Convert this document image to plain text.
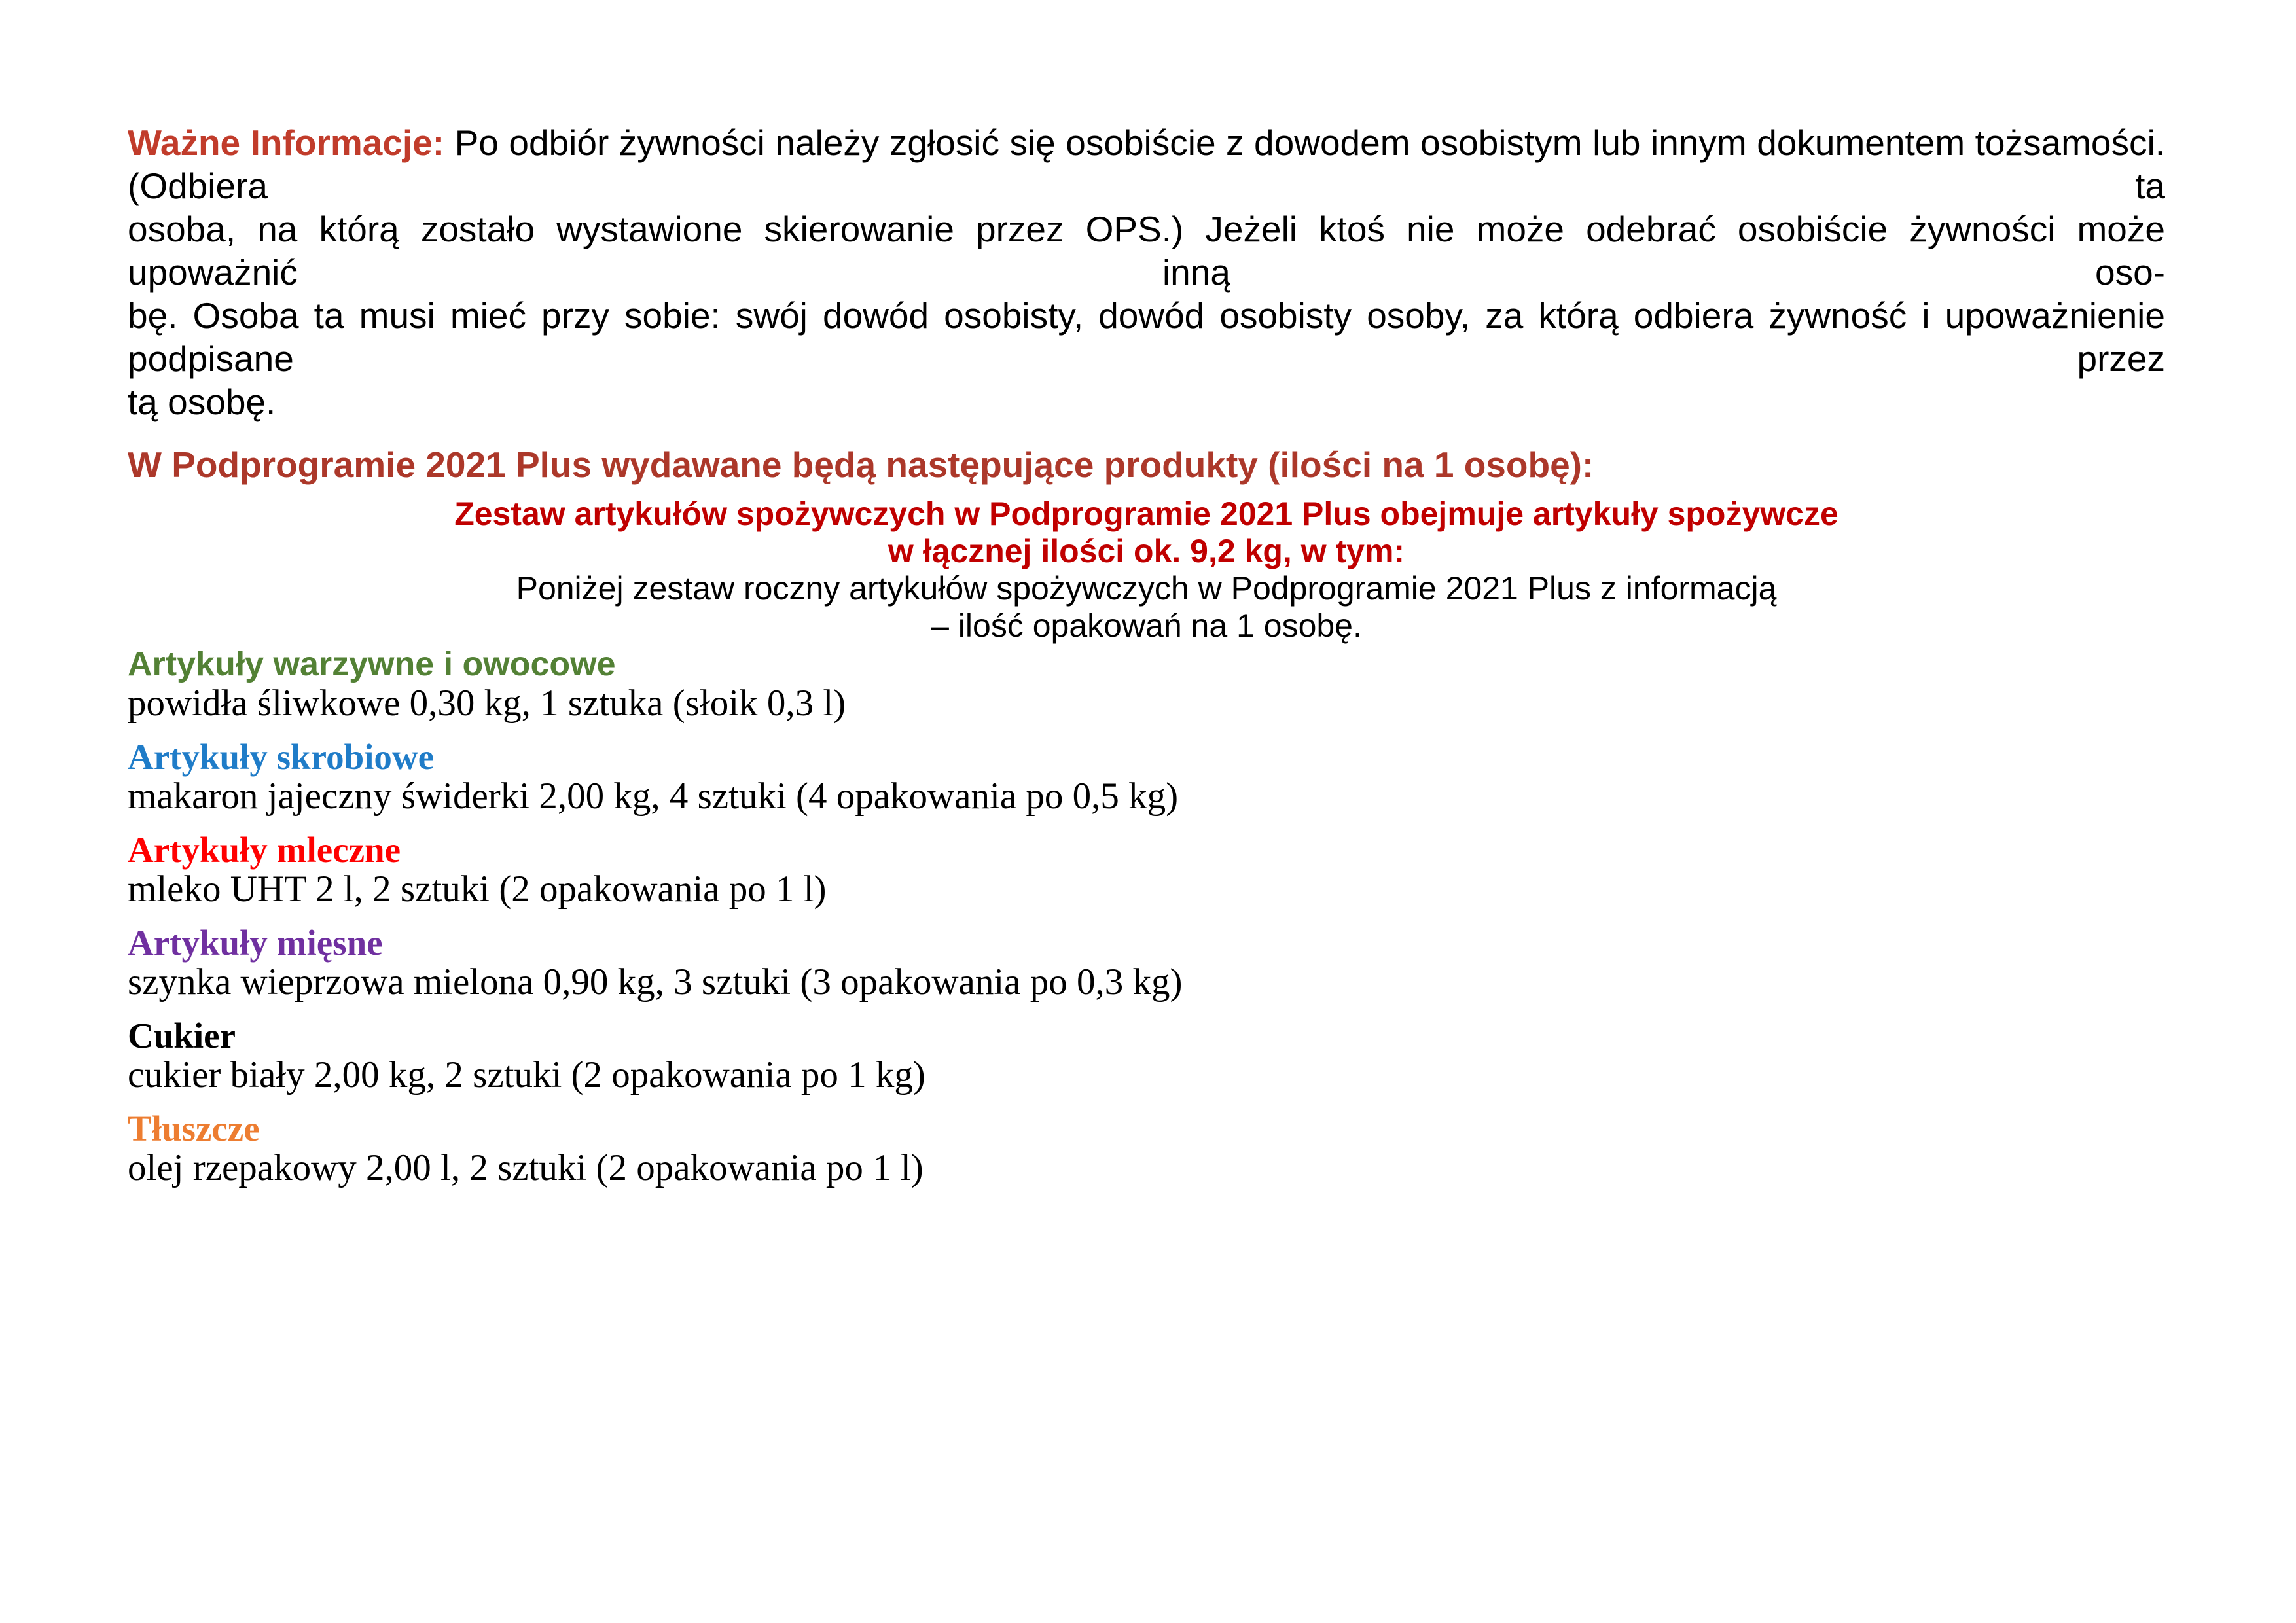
Ważne Informacje: Po odbiór żywności należy zgłosić się osobiście z dowodem osobistym lub innym dokumentem tożsamości. (Odbiera ta
osoba, na którą zostało wystawione skierowanie przez OPS.) Jeżeli ktoś nie może odebrać osobiście żywności może upoważnić inną oso-
bę. Osoba ta musi mieć przy sobie: swój dowód osobisty, dowód osobisty osoby, za którą odbiera żywność i upoważnienie podpisane przez
tą osobę.

W Podprogramie 2021 Plus wydawane będą następujące produkty (ilości na 1 osobę):
Zestaw artykułów spożywczych w Podprogramie 2021 Plus obejmuje artykuły spożywcze
w łącznej ilości ok. 9,2 kg, w tym:
Poniżej zestaw roczny artykułów spożywczych w Podprogramie 2021 Plus z informacją
– ilość opakowań na 1 osobę.
Artykuły warzywne i owocowe

powidła śliwkowe 0,30 kg, 1 sztuka (słoik 0,3 l)

Artykuły skrobiowe

makaron jajeczny świderki 2,00 kg, 4 sztuki (4 opakowania po 0,5 kg)

Artykuły mleczne

mleko UHT 2 l, 2 sztuki (2 opakowania po 1 l)

Artykuły mięsne

szynka wieprzowa mielona 0,90 kg, 3 sztuki (3 opakowania po 0,3 kg)

Cukier

cukier biały 2,00 kg, 2 sztuki (2 opakowania po 1 kg)

Tłuszcze

olej rzepakowy 2,00 l, 2 sztuki (2 opakowania po 1 l)
